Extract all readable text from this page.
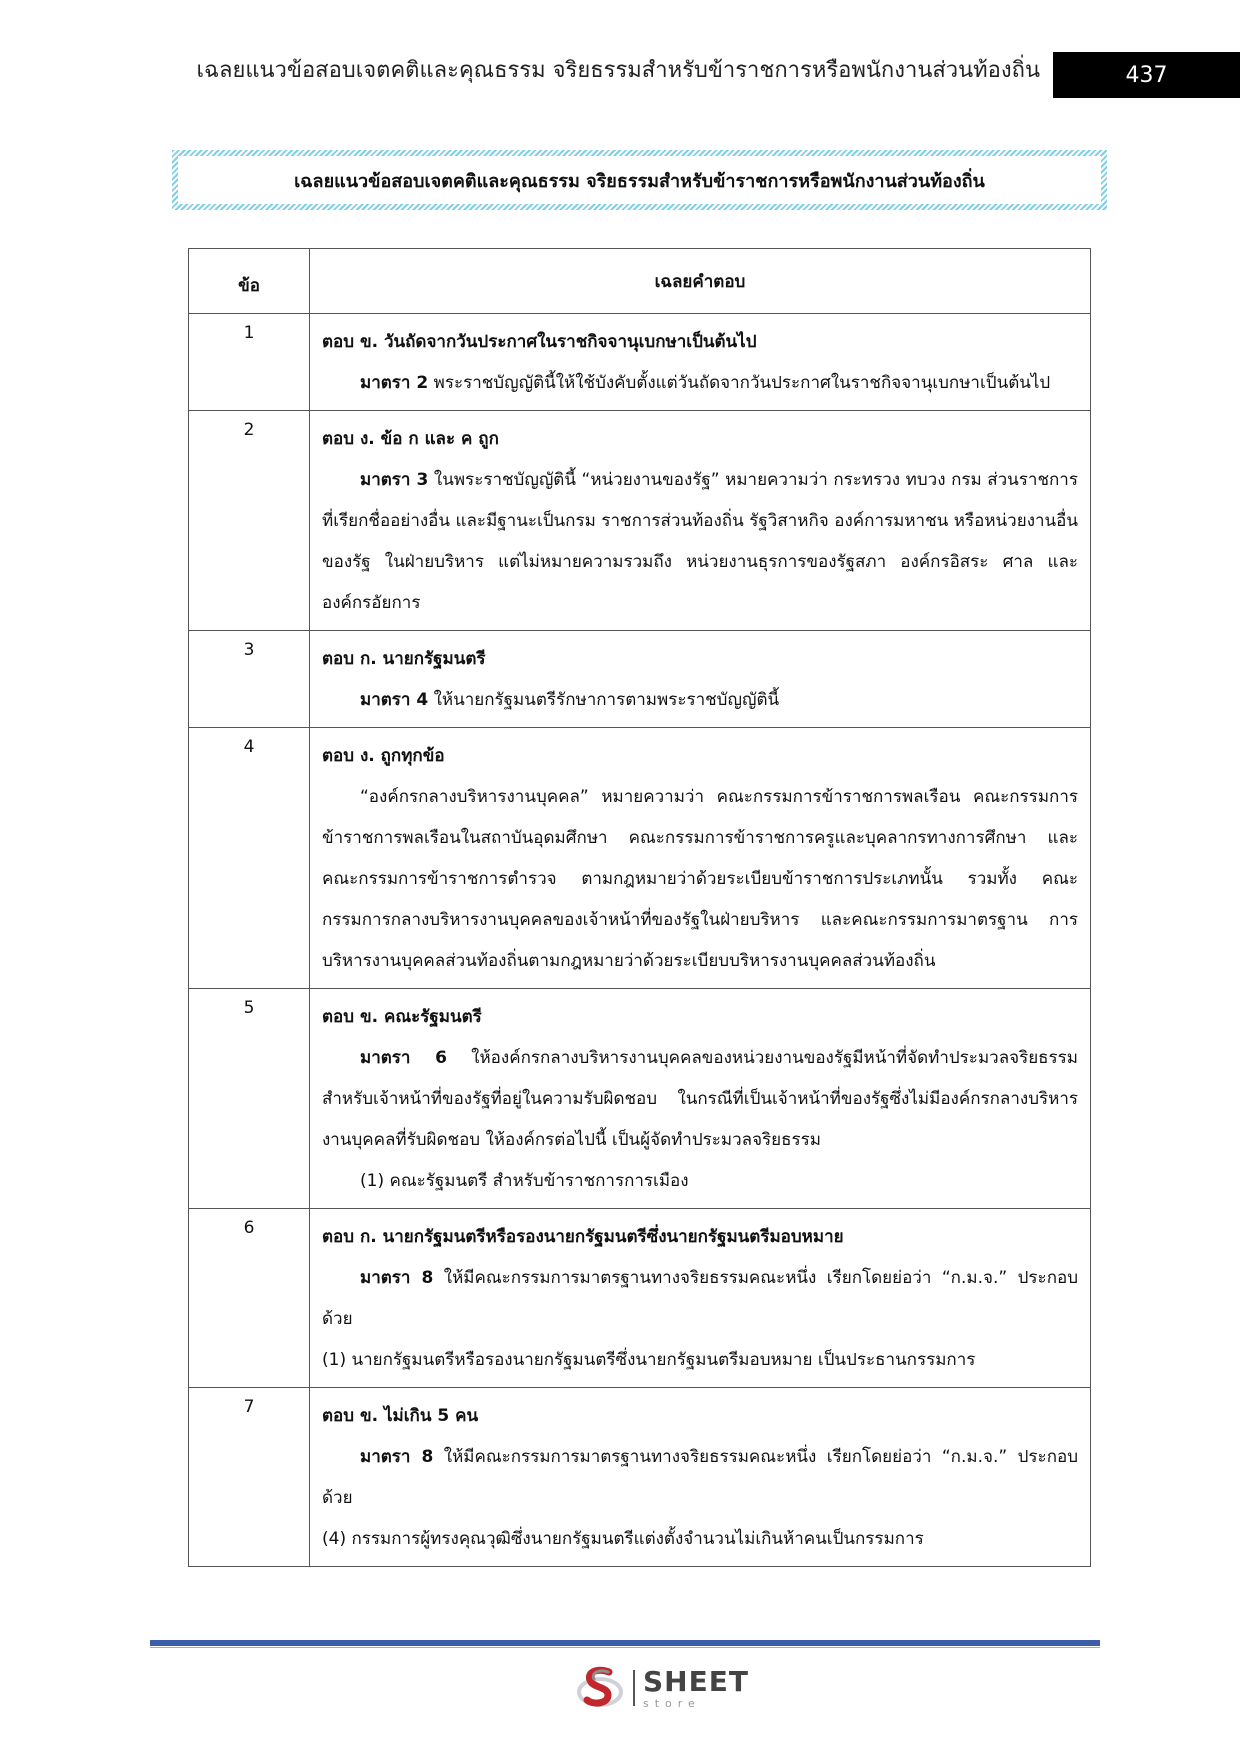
เฉลยแนวข้อสอบเจตคติและคุณธรรม จริยธรรมสำหรับข้าราชการหรือพนักงานส่วนท้องถิ่น	437
เฉลยแนวข้อสอบเจตคติและคุณธรรม จริยธรรมสำหรับข้าราชการหรือพนักงานส่วนท้องถิ่น
ข้อ	เฉลยคำตอบ
1	ตอบ ข. วันถัดจากวันประกาศในราชกิจจานุเบกษาเป็นต้นไป

มาตรา 2 พระราชบัญญัตินี้ให้ใช้บังคับตั้งแต่วันถัดจากวันประกาศในราชกิจจานุเบกษาเป็นต้นไป

2	ตอบ ง. ข้อ ก และ ค ถูก

มาตรา 3 ในพระราชบัญญัตินี้ “หน่วยงานของรัฐ” หมายความว่า กระทรวง ทบวง กรม ส่วนราชการที่เรียกชื่ออย่างอื่น และมีฐานะเป็นกรม ราชการส่วนท้องถิ่น รัฐวิสาหกิจ องค์การมหาชน หรือหน่วยงานอื่นของรัฐ ในฝ่ายบริหาร แต่ไม่หมายความรวมถึง หน่วยงานธุรการของรัฐสภา องค์กรอิสระ ศาล และ องค์กรอัยการ

3	ตอบ ก. นายกรัฐมนตรี

มาตรา 4 ให้นายกรัฐมนตรีรักษาการตามพระราชบัญญัตินี้

4	ตอบ ง. ถูกทุกข้อ

“องค์กรกลางบริหารงานบุคคล” หมายความว่า คณะกรรมการข้าราชการพลเรือน คณะกรรมการ ข้าราชการพลเรือนในสถาบันอุดมศึกษา คณะกรรมการข้าราชการครูและบุคลากรทางการศึกษา และคณะกรรมการข้าราชการตำรวจ ตามกฎหมายว่าด้วยระเบียบข้าราชการประเภทนั้น รวมทั้ง คณะกรรมการกลางบริหารงานบุคคลของเจ้าหน้าที่ของรัฐในฝ่ายบริหาร และคณะกรรมการมาตรฐาน การบริหารงานบุคคลส่วนท้องถิ่นตามกฎหมายว่าด้วยระเบียบบริหารงานบุคคลส่วนท้องถิ่น

5	ตอบ ข. คณะรัฐมนตรี

มาตรา 6 ให้องค์กรกลางบริหารงานบุคคลของหน่วยงานของรัฐมีหน้าที่จัดทำประมวลจริยธรรมสำหรับเจ้าหน้าที่ของรัฐที่อยู่ในความรับผิดชอบ ในกรณีที่เป็นเจ้าหน้าที่ของรัฐซึ่งไม่มีองค์กรกลางบริหารงานบุคคลที่รับผิดชอบ ให้องค์กรต่อไปนี้ เป็นผู้จัดทำประมวลจริยธรรม

(1) คณะรัฐมนตรี สำหรับข้าราชการการเมือง

6	ตอบ ก. นายกรัฐมนตรีหรือรองนายกรัฐมนตรีซึ่งนายกรัฐมนตรีมอบหมาย

มาตรา 8 ให้มีคณะกรรมการมาตรฐานทางจริยธรรมคณะหนึ่ง เรียกโดยย่อว่า “ก.ม.จ.” ประกอบด้วย

(1) นายกรัฐมนตรีหรือรองนายกรัฐมนตรีซึ่งนายกรัฐมนตรีมอบหมาย เป็นประธานกรรมการ

7	ตอบ ข. ไม่เกิน 5 คน

มาตรา 8 ให้มีคณะกรรมการมาตรฐานทางจริยธรรมคณะหนึ่ง เรียกโดยย่อว่า “ก.ม.จ.” ประกอบด้วย

(4) กรรมการผู้ทรงคุณวุฒิซึ่งนายกรัฐมนตรีแต่งตั้งจำนวนไม่เกินห้าคนเป็นกรรมการ

SHEET
store
